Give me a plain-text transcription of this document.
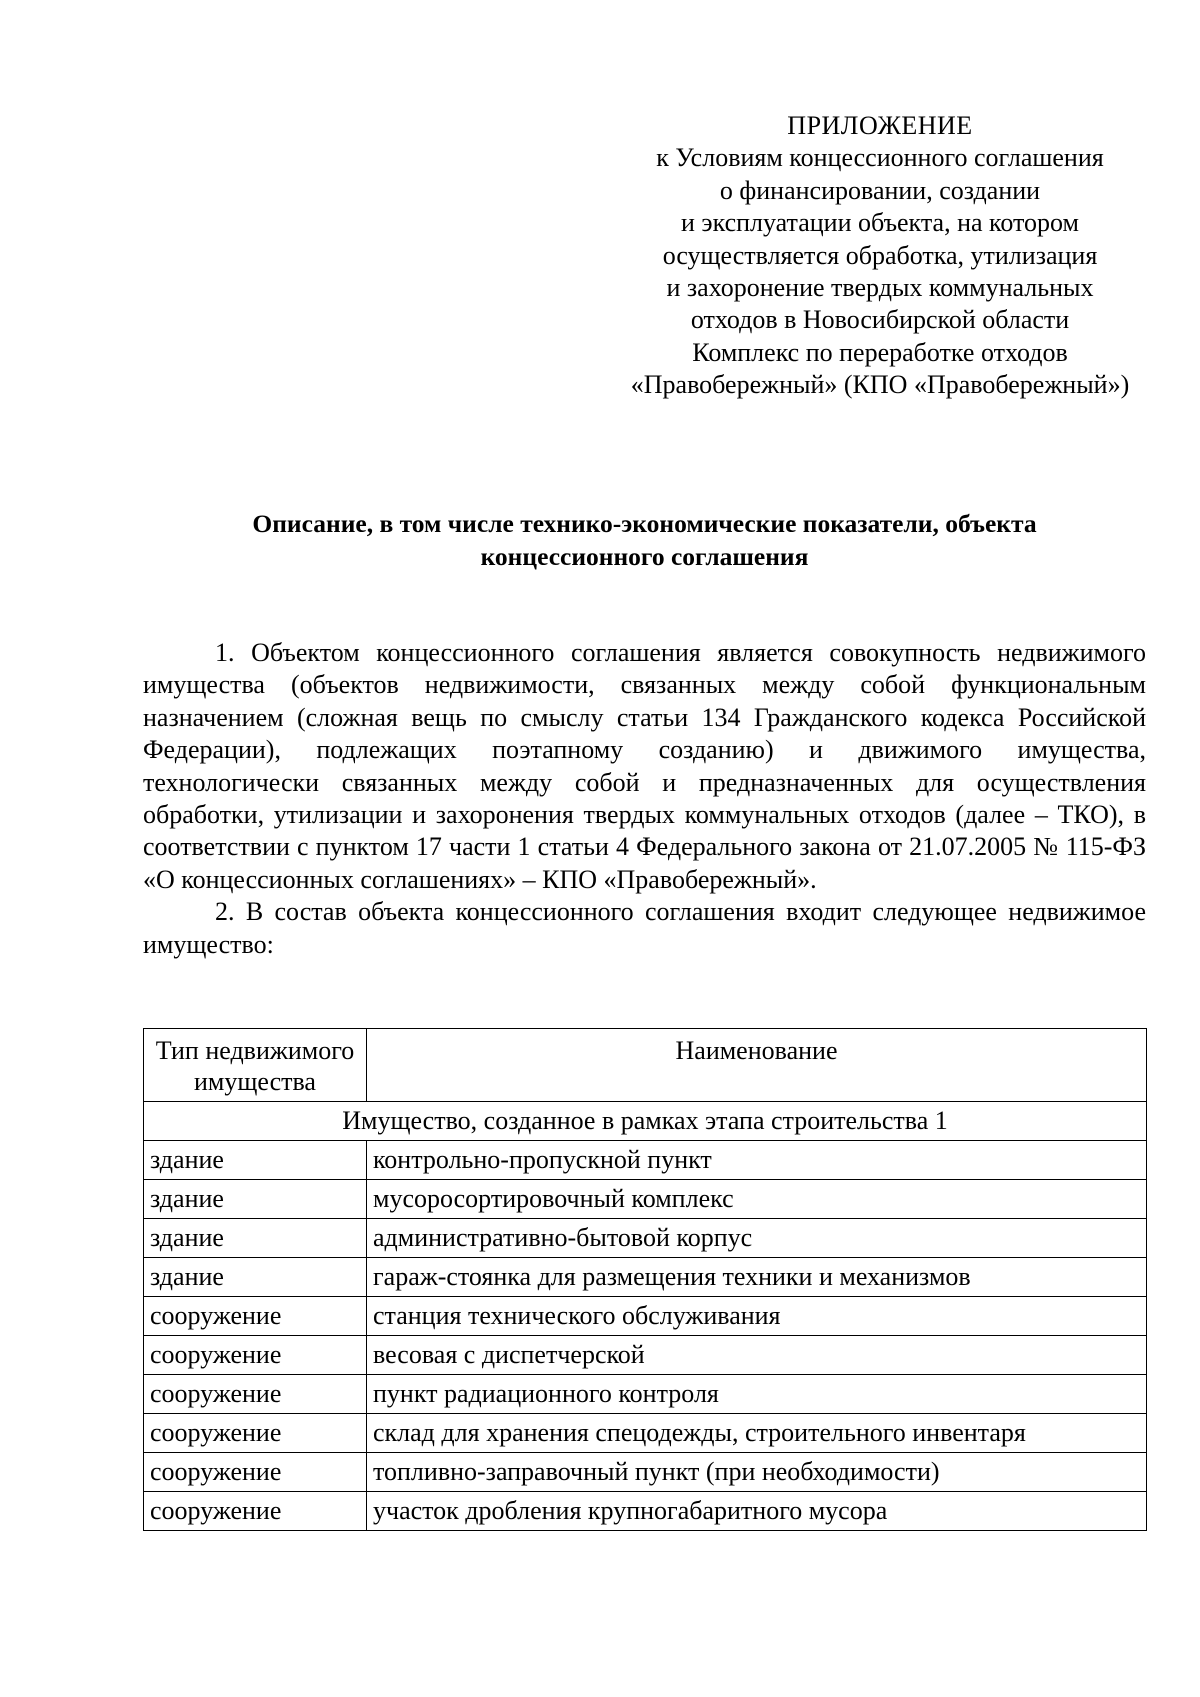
ПРИЛОЖЕНИЕ
к Условиям концессионного соглашения
о финансировании, создании
и эксплуатации объекта, на котором
осуществляется обработка, утилизация
и захоронение твердых коммунальных
отходов в Новосибирской области
Комплекс по переработке отходов
«Правобережный» (КПО «Правобережный»)
Описание, в том числе технико-экономические показатели, объекта
концессионного соглашения

1. Объектом концессионного соглашения является совокупность недвижимого имущества (объектов недвижимости, связанных между собой функциональным назначением (сложная вещь по смыслу статьи 134 Гражданского кодекса Российской Федерации), подлежащих поэтапному созданию) и движимого имущества, технологически связанных между собой и предназначенных для осуществления обработки, утилизации и захоронения твердых коммунальных отходов (далее – ТКО), в соответствии с пунктом 17 части 1 статьи 4 Федерального закона от 21.07.2005 № 115-ФЗ «О концессионных соглашениях» – КПО «Правобережный».

2. В состав объекта концессионного соглашения входит следующее недвижимое имущество:

Тип недвижимого имущества	Наименование
Имущество, созданное в рамках этапа строительства 1	
здание	контрольно-пропускной пункт
здание	мусоросортировочный комплекс
здание	административно-бытовой корпус
здание	гараж-стоянка для размещения техники и механизмов
сооружение	станция технического обслуживания
сооружение	весовая с диспетчерской
сооружение	пункт радиационного контроля
сооружение	склад для хранения спецодежды, строительного инвентаря
сооружение	топливно-заправочный пункт (при необходимости)
сооружение	участок дробления крупногабаритного мусора
